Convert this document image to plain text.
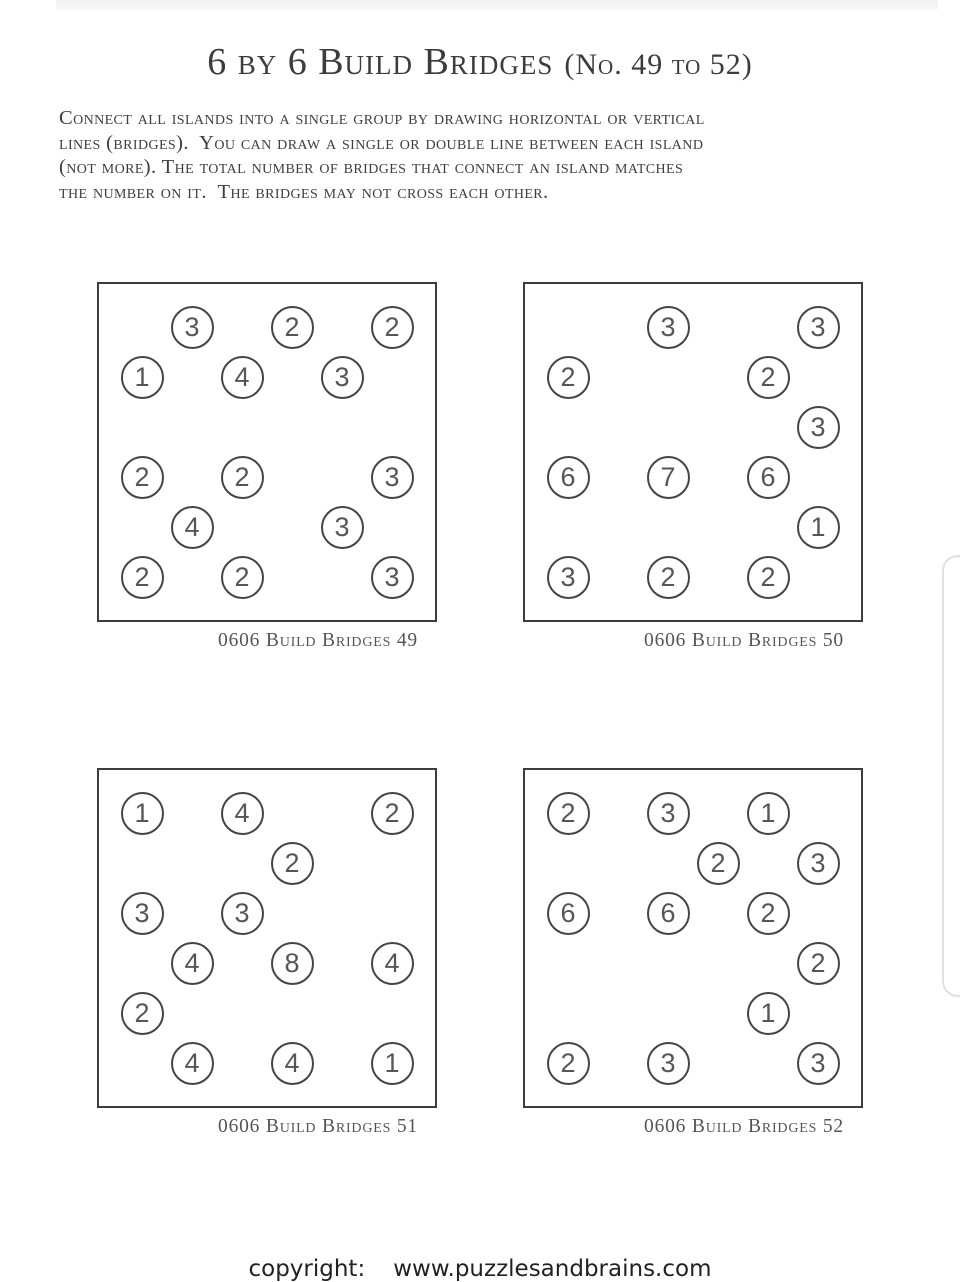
6 by 6 Build Bridges (No. 49 to 52)
Connect all islands into a single group by drawing horizontal or vertical
lines (bridges).  You can draw a single or double line between each island
(not more). The total number of bridges that connect an island matches
the number on it.  The bridges may not cross each other.
3	2	2
1	4	3
2	2	3
4	3
2	2	3
0606 Build Bridges 49
3	3
2	2
3
6	7	6
1
3	2	2
0606 Build Bridges 50
1	4	2
2
3	3
4	8	4
2
4	4	1
0606 Build Bridges 51
2	3	1
2	3
6	6	2
2
1
2	3	3
0606 Build Bridges 52
copyright: www.puzzlesandbrains.com
